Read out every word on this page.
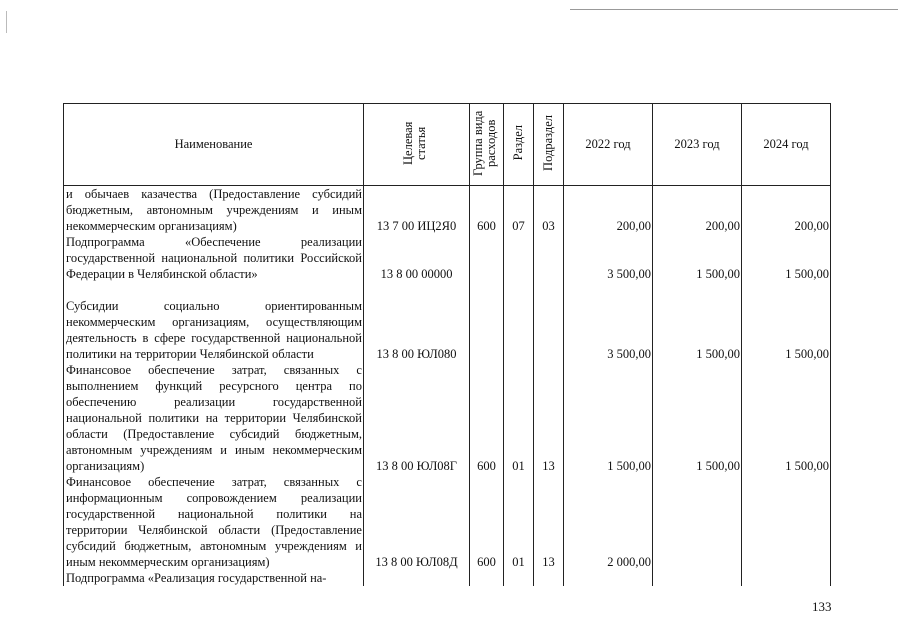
Наименование	Целевая статья	Группа вида расходов	Раздел	Подраздел	2022 год	2023 год	2024 год
и обычаев казачества (Предоставление субсидий бюджетным, автономным учреждениям и иным некоммерческим организациям)	13 7 00 ИЦ2Я0	600	07	03	200,00	200,00	200,00
Подпрограмма «Обеспечение реализации государственной национальной политики Российской Федерации в Челябинской области»	13 8 00 00000				3 500,00	1 500,00	1 500,00
Субсидии социально ориентированным некоммерческим организациям, осуществляющим деятельность в сфере государственной национальной политики на территории Челябинской области	13 8 00 ЮЛ080				3 500,00	1 500,00	1 500,00
Финансовое обеспечение затрат, связанных с выполнением функций ресурсного центра по обеспечению реализации государственной национальной политики на территории Челябинской области (Предоставление субсидий бюджетным, автономным учреждениям и иным некоммерческим организациям)	13 8 00 ЮЛ08Г	600	01	13	1 500,00	1 500,00	1 500,00
Финансовое обеспечение затрат, связанных с информационным сопровождением реализации государственной национальной политики на территории Челябинской области (Предоставление субсидий бюджетным, автономным учреждениям и иным некоммерческим организациям)	13 8 00 ЮЛ08Д	600	01	13	2 000,00		
Подпрограмма «Реализация государственной на-							
133
